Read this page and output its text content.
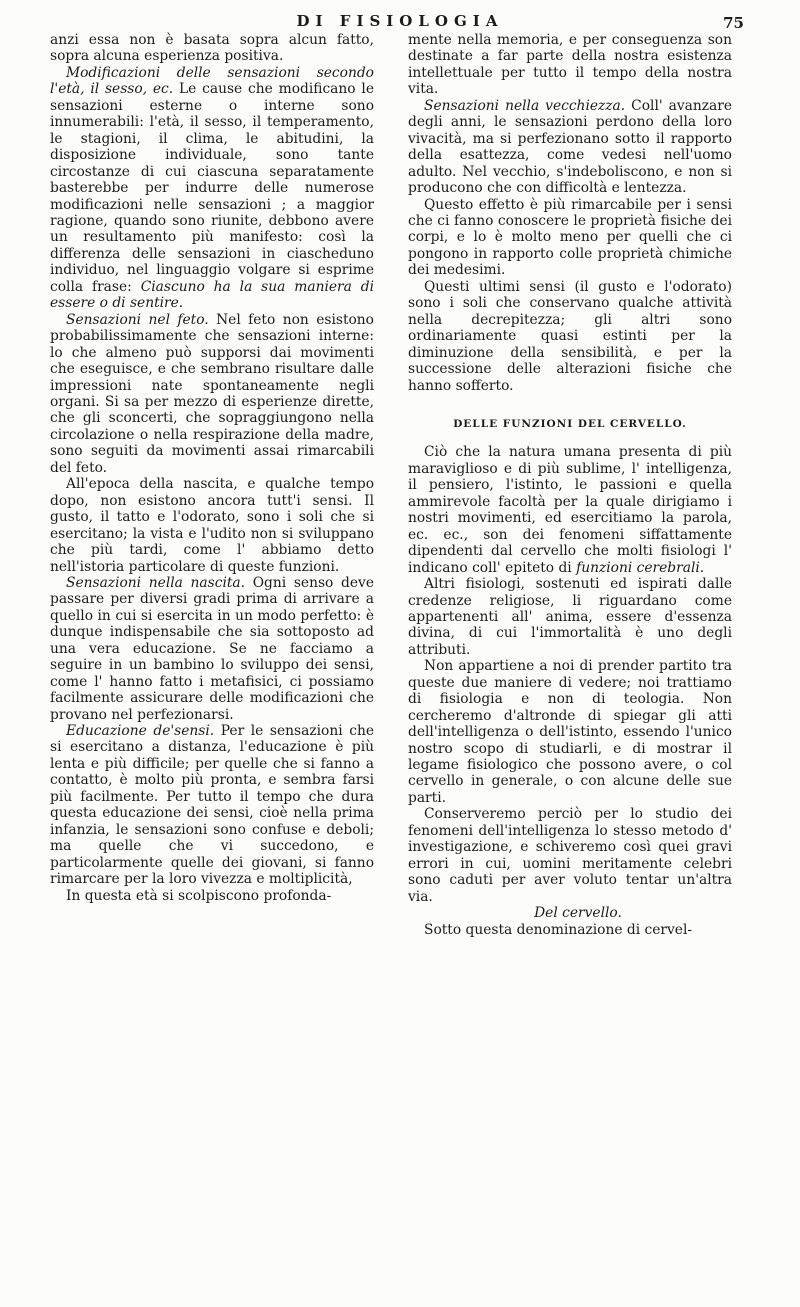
DI FISIOLOGIA	75

anzi essa non è basata sopra alcun fatto, sopra alcuna esperienza positiva.

Modificazioni delle sensazioni secondo l'età, il sesso, ec. Le cause che modificano le sensazioni esterne o interne sono innumerabili: l'età, il sesso, il temperamento, le stagioni, il clima, le abitudini, la disposizione individuale, sono tante circostanze di cui ciascuna separatamente basterebbe per indurre delle numerose modificazioni nelle sensazioni ; a maggior ragione, quando sono riunite, debbono avere un resultamento più manifesto: così la differenza delle sensazioni in ciascheduno individuo, nel linguaggio volgare si esprime colla frase: Ciascuno ha la sua maniera di essere o di sentire.

Sensazioni nel feto. Nel feto non esistono probabilissimamente che sensazioni interne: lo che almeno può supporsi dai movimenti che eseguisce, e che sembrano risultare dalle impressioni nate spontaneamente negli organi. Si sa per mezzo di esperienze dirette, che gli sconcerti, che sopraggiungono nella circolazione o nella respirazione della madre, sono seguiti da movimenti assai rimarcabili del feto.

All'epoca della nascita, e qualche tempo dopo, non esistono ancora tutt'i sensi. Il gusto, il tatto e l'odorato, sono i soli che si esercitano; la vista e l'udito non si sviluppano che più tardi, come l' abbiamo detto nell'istoria particolare di queste funzioni.

Sensazioni nella nascita. Ogni senso deve passare per diversi gradi prima di arrivare a quello in cui si esercita in un modo perfetto: è dunque indispensabile che sia sottoposto ad una vera educazione. Se ne facciamo a seguire in un bambino lo sviluppo dei sensi, come l' hanno fatto i metafisici, ci possiamo facilmente assicurare delle modificazioni che provano nel perfezionarsi.

Educazione de'sensi. Per le sensazioni che si esercitano a distanza, l'educazione è più lenta e più difficile; per quelle che si fanno a contatto, è molto più pronta, e sembra farsi più facilmente. Per tutto il tempo che dura questa educazione dei sensi, cioè nella prima infanzia, le sensazioni sono confuse e deboli; ma quelle che vi succedono, e particolarmente quelle dei giovani, si fanno rimarcare per la loro vivezza e moltiplicità,

In questa età si scolpiscono profonda-

mente nella memoria, e per conseguenza son destinate a far parte della nostra esistenza intellettuale per tutto il tempo della nostra vita.

Sensazioni nella vecchiezza. Coll' avanzare degli anni, le sensazioni perdono della loro vivacità, ma si perfezionano sotto il rapporto della esattezza, come vedesi nell'uomo adulto. Nel vecchio, s'indeboliscono, e non si producono che con difficoltà e lentezza.

Questo effetto è più rimarcabile per i sensi che ci fanno conoscere le proprietà fisiche dei corpi, e lo è molto meno per quelli che ci pongono in rapporto colle proprietà chimiche dei medesimi.

Questi ultimi sensi (il gusto e l'odorato) sono i soli che conservano qualche attività nella decrepitezza; gli altri sono ordinariamente quasi estinti per la diminuzione della sensibilità, e per la successione delle alterazioni fisiche che hanno sofferto.

DELLE FUNZIONI DEL CERVELLO.

Ciò che la natura umana presenta di più maraviglioso e di più sublime, l' intelligenza, il pensiero, l'istinto, le passioni e quella ammirevole facoltà per la quale dirigiamo i nostri movimenti, ed esercitiamo la parola, ec. ec., son dei fenomeni siffattamente dipendenti dal cervello che molti fisiologi l' indicano coll' epiteto di funzioni cerebrali.

Altri fisiologi, sostenuti ed ispirati dalle credenze religiose, li riguardano come appartenenti all' anima, essere d'essenza divina, di cui l'immortalità è uno degli attributi.

Non appartiene a noi di prender partito tra queste due maniere di vedere; noi trattiamo di fisiologia e non di teologia. Non cercheremo d'altronde di spiegar gli atti dell'intelligenza o dell'istinto, essendo l'unico nostro scopo di studiarli, e di mostrar il legame fisiologico che possono avere, o col cervello in generale, o con alcune delle sue parti.

Conserveremo perciò per lo studio dei fenomeni dell'intelligenza lo stesso metodo d' investigazione, e schiveremo così quei gravi errori in cui, uomini meritamente celebri sono caduti per aver voluto tentar un'altra via.

Del cervello.

Sotto questa denominazione di cervel-
